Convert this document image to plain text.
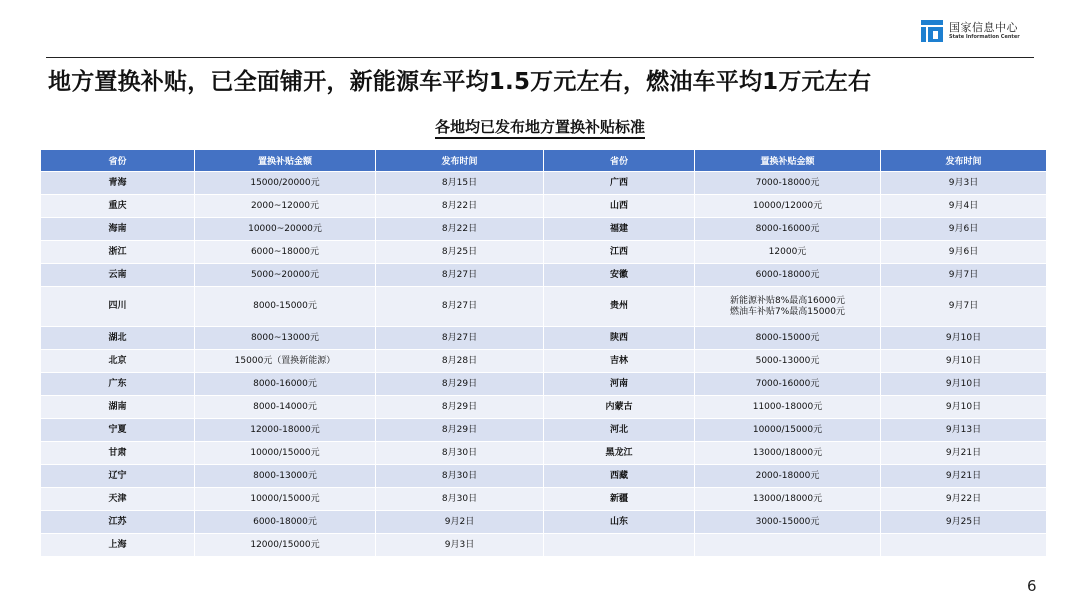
国家信息中心
State Information Center
地方置换补贴，已全面铺开，新能源车平均1.5万元左右，燃油车平均1万元左右
各地均已发布地方置换补贴标准
省份	置换补贴金额	发布时间	省份	置换补贴金额	发布时间
青海	15000/20000元	8月15日	广西	7000-18000元	9月3日
重庆	2000~12000元	8月22日	山西	10000/12000元	9月4日
海南	10000~20000元	8月22日	福建	8000-16000元	9月6日
浙江	6000~18000元	8月25日	江西	12000元	9月6日
云南	5000~20000元	8月27日	安徽	6000-18000元	9月7日
四川	8000-15000元	8月27日	贵州	新能源补贴8%最高16000元
燃油车补贴7%最高15000元	9月7日
湖北	8000~13000元	8月27日	陕西	8000-15000元	9月10日
北京	15000元（置换新能源）	8月28日	吉林	5000-13000元	9月10日
广东	8000-16000元	8月29日	河南	7000-16000元	9月10日
湖南	8000-14000元	8月29日	内蒙古	11000-18000元	9月10日
宁夏	12000-18000元	8月29日	河北	10000/15000元	9月13日
甘肃	10000/15000元	8月30日	黑龙江	13000/18000元	9月21日
辽宁	8000-13000元	8月30日	西藏	2000-18000元	9月21日
天津	10000/15000元	8月30日	新疆	13000/18000元	9月22日
江苏	6000-18000元	9月2日	山东	3000-15000元	9月25日
上海	12000/15000元	9月3日			
6
